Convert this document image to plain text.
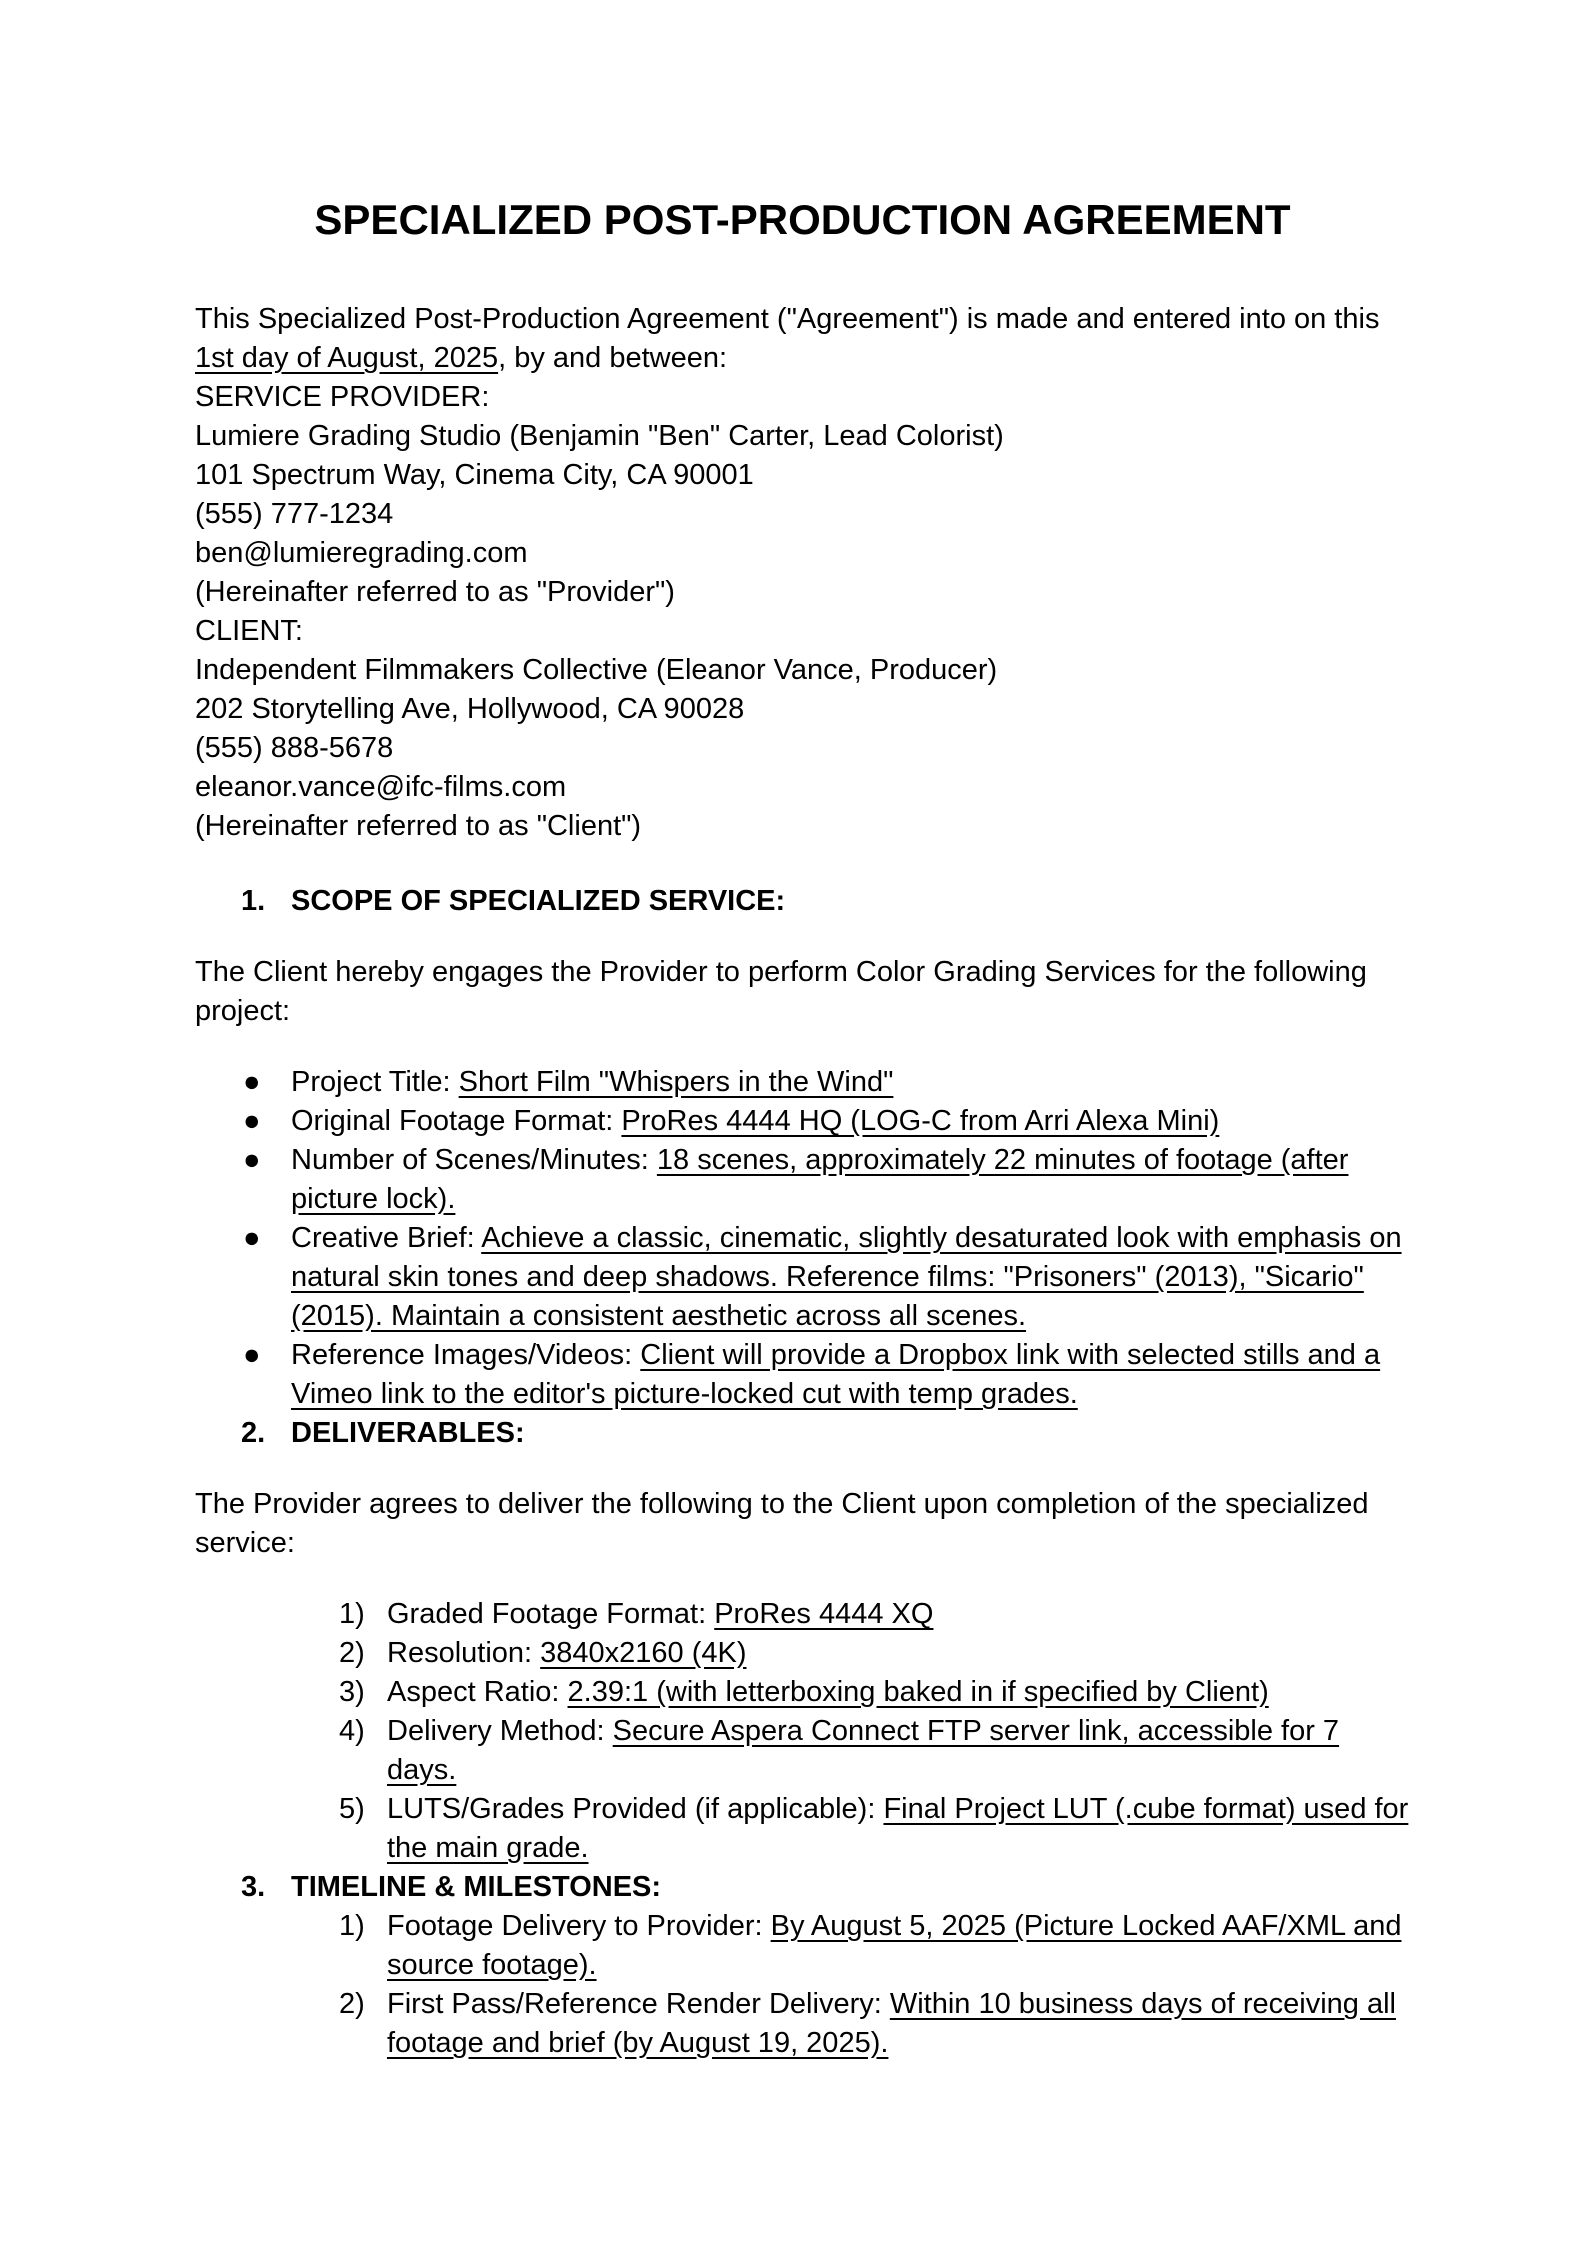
SPECIALIZED POST-PRODUCTION AGREEMENT

This Specialized Post-Production Agreement ("Agreement") is made and entered into on this
1st day of August, 2025, by and between:

SERVICE PROVIDER:

Lumiere Grading Studio (Benjamin "Ben" Carter, Lead Colorist)

101 Spectrum Way, Cinema City, CA 90001

(555) 777-1234

ben@lumieregrading.com

(Hereinafter referred to as "Provider")

CLIENT:

Independent Filmmakers Collective (Eleanor Vance, Producer)

202 Storytelling Ave, Hollywood, CA 90028

(555) 888-5678

eleanor.vance@ifc-films.com

(Hereinafter referred to as "Client")

1. SCOPE OF SPECIALIZED SERVICE:

The Client hereby engages the Provider to perform Color Grading Services for the following project:

● Project Title: Short Film "Whispers in the Wind"
● Original Footage Format: ProRes 4444 HQ (LOG-C from Arri Alexa Mini)
● Number of Scenes/Minutes: 18 scenes, approximately 22 minutes of footage (after picture lock).
● Creative Brief: Achieve a classic, cinematic, slightly desaturated look with emphasis on natural skin tones and deep shadows. Reference films: "Prisoners" (2013), "Sicario" (2015). Maintain a consistent aesthetic across all scenes.
● Reference Images/Videos: Client will provide a Dropbox link with selected stills and a Vimeo link to the editor's picture-locked cut with temp grades.
2. DELIVERABLES:

The Provider agrees to deliver the following to the Client upon completion of the specialized service:

1) Graded Footage Format: ProRes 4444 XQ
2) Resolution: 3840x2160 (4K)
3) Aspect Ratio: 2.39:1 (with letterboxing baked in if specified by Client)
4) Delivery Method: Secure Aspera Connect FTP server link, accessible for 7 days.
5) LUTS/Grades Provided (if applicable): Final Project LUT (.cube format) used for the main grade.
3. TIMELINE & MILESTONES:
1) Footage Delivery to Provider: By August 5, 2025 (Picture Locked AAF/XML and source footage).
2) First Pass/Reference Render Delivery: Within 10 business days of receiving all footage and brief (by August 19, 2025).
